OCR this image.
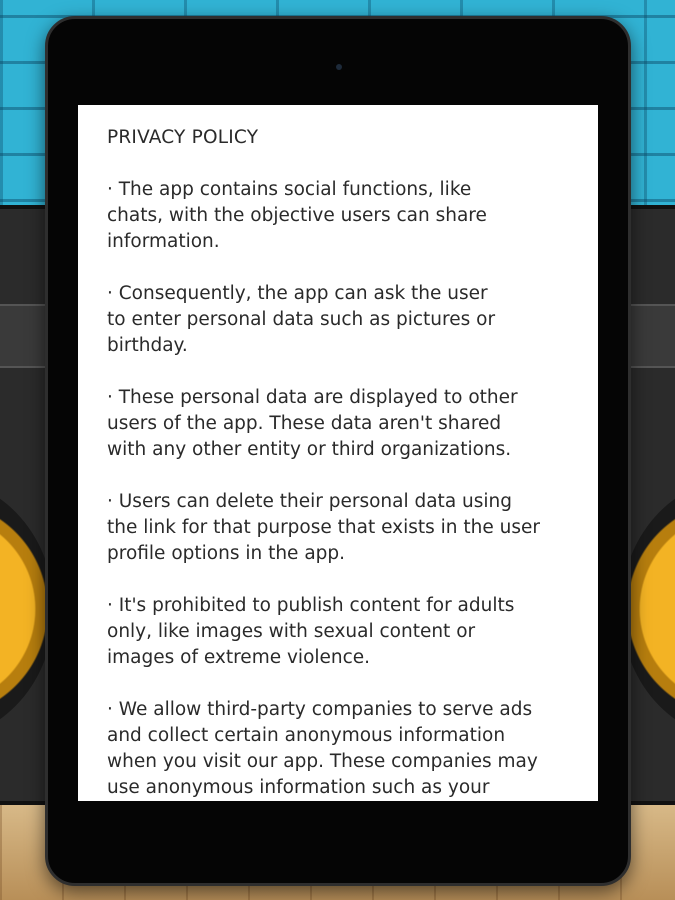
PRIVACY POLICY

· The app contains social functions, like
chats, with the objective users can share
information.

· Consequently, the app can ask the user
to enter personal data such as pictures or
birthday.

· These personal data are displayed to other
users of the app. These data aren't shared
with any other entity or third organizations.

· Users can delete their personal data using
the link for that purpose that exists in the user
profile options in the app.

· It's prohibited to publish content for adults
only, like images with sexual content or
images of extreme violence.

· We allow third-party companies to serve ads
and collect certain anonymous information
when you visit our app. These companies may
use anonymous information such as your
